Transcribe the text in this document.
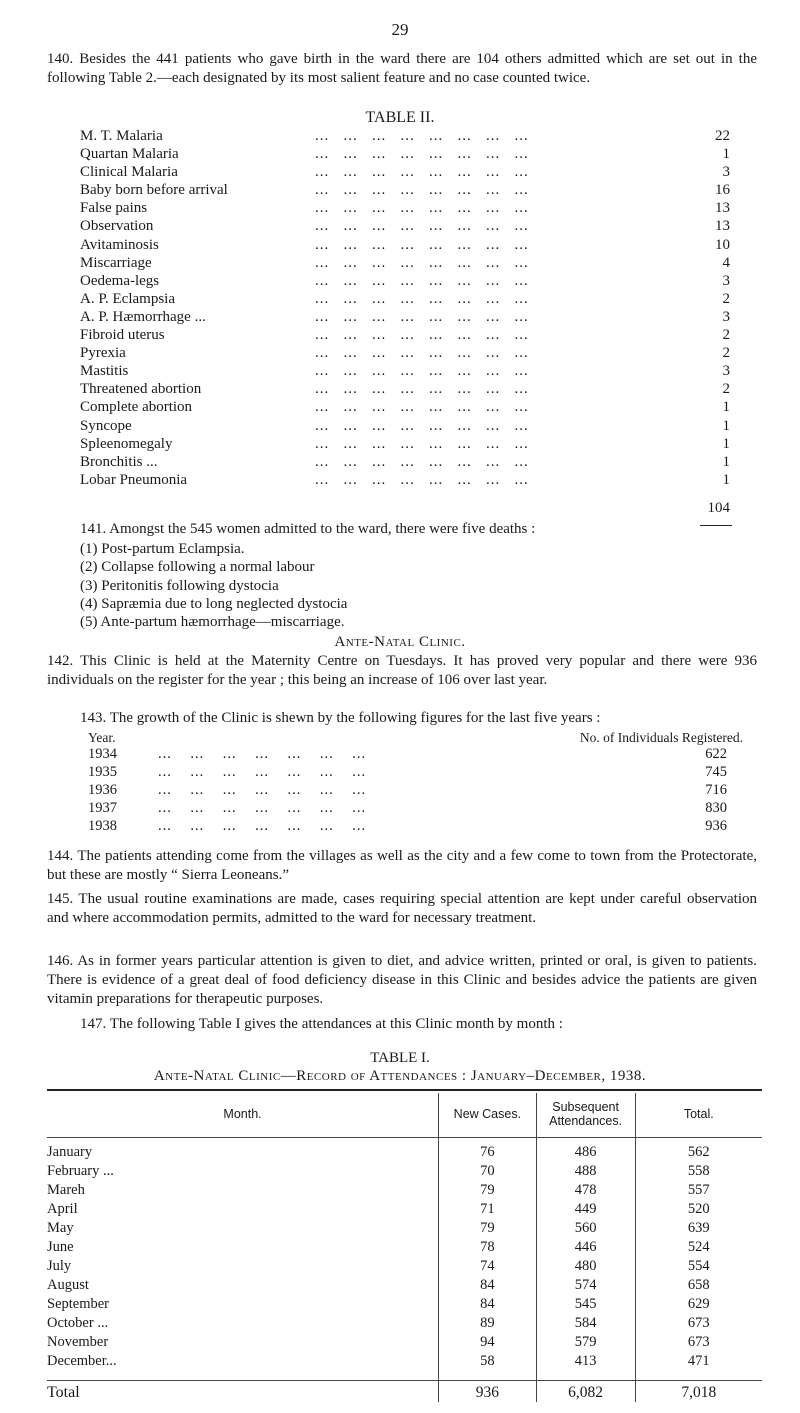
29
140. Besides the 441 patients who gave birth in the ward there are 104 others admitted which are set out in the following Table 2.—each designated by its most salient feature and no case counted twice.
TABLE II.
M. T. Malaria	...   ...   ...   ...   ...   ...   ...   ...	22
Quartan Malaria	...   ...   ...   ...   ...   ...   ...   ...	1
Clinical Malaria	...   ...   ...   ...   ...   ...   ...   ...	3
Baby born before arrival	...   ...   ...   ...   ...   ...   ...   ...	16
False pains	...   ...   ...   ...   ...   ...   ...   ...	13
Observation	...   ...   ...   ...   ...   ...   ...   ...	13
Avitaminosis	...   ...   ...   ...   ...   ...   ...   ...	10
Miscarriage	...   ...   ...   ...   ...   ...   ...   ...	4
Oedema-legs	...   ...   ...   ...   ...   ...   ...   ...	3
A. P. Eclampsia	...   ...   ...   ...   ...   ...   ...   ...	2
A. P. Hæmorrhage ...	...   ...   ...   ...   ...   ...   ...   ...	3
Fibroid uterus	...   ...   ...   ...   ...   ...   ...   ...	2
Pyrexia	...   ...   ...   ...   ...   ...   ...   ...	2
Mastitis	...   ...   ...   ...   ...   ...   ...   ...	3
Threatened abortion	...   ...   ...   ...   ...   ...   ...   ...	2
Complete abortion	...   ...   ...   ...   ...   ...   ...   ...	1
Syncope	...   ...   ...   ...   ...   ...   ...   ...	1
Spleenomegaly	...   ...   ...   ...   ...   ...   ...   ...	1
Bronchitis ...	...   ...   ...   ...   ...   ...   ...   ...	1
Lobar Pneumonia	...   ...   ...   ...   ...   ...   ...   ...	1
104
141. Amongst the 545 women admitted to the ward, there were five deaths :
(1) Post-partum Eclampsia.
(2) Collapse following a normal labour
(3) Peritonitis following dystocia
(4) Sapræmia due to long neglected dystocia
(5) Ante-partum hæmorrhage—miscarriage.
Ante-Natal Clinic.
142. This Clinic is held at the Maternity Centre on Tuesdays. It has proved very popular and there were 936 individuals on the register for the year ; this being an increase of 106 over last year.
143. The growth of the Clinic is shewn by the following figures for the last five years :
Year.	No. of Individuals Registered.
1934	...    ...    ...    ...    ...    ...    ...	622
1935	...    ...    ...    ...    ...    ...    ...	745
1936	...    ...    ...    ...    ...    ...    ...	716
1937	...    ...    ...    ...    ...    ...    ...	830
1938	...    ...    ...    ...    ...    ...    ...	936
144. The patients attending come from the villages as well as the city and a few come to town from the Protectorate, but these are mostly “ Sierra Leoneans.”
145. The usual routine examinations are made, cases requiring special attention are kept under careful observation and where accommodation permits, admitted to the ward for necessary treatment.
146. As in former years particular attention is given to diet, and advice written, printed or oral, is given to patients. There is evidence of a great deal of food deficiency disease in this Clinic and besides advice the patients are given vitamin preparations for therapeutic purposes.
147. The following Table I gives the attendances at this Clinic month by month :
TABLE I.
Ante-Natal Clinic—Record of Attendances : January–December, 1938.
Month.	New Cases.	Subsequent Attendances.	Total.

January	76	486	562
February ...	70	488	558
Mareh	79	478	557
April	71	449	520
May	79	560	639
June	78	446	524
July	74	480	554
August	84	574	658
September	84	545	629
October ...	89	584	673
November	94	579	673
December...	58	413	471

Total	936	6,082	7,018
